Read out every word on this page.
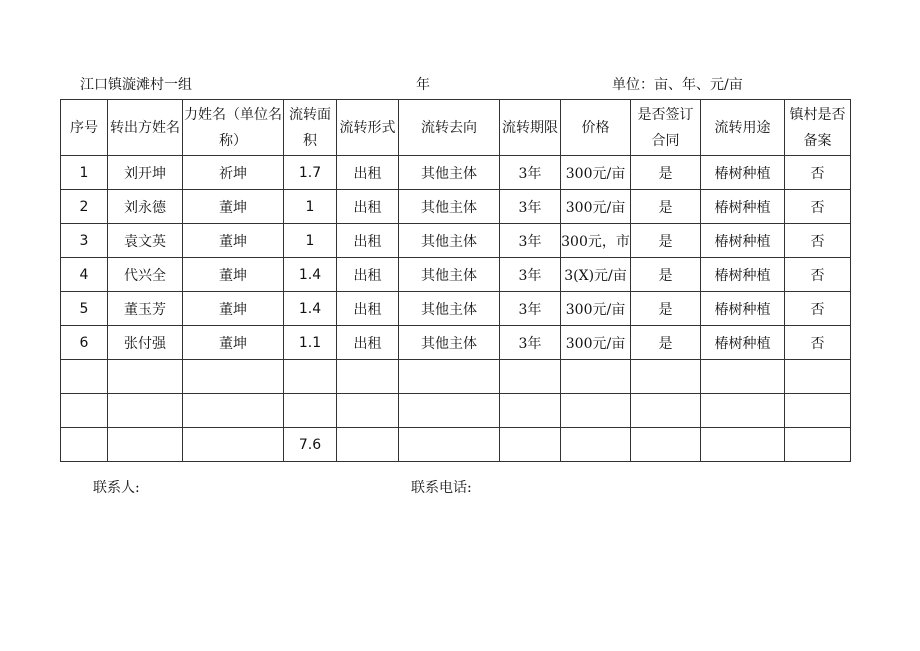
江口镇漩滩村一组	年	单位：亩、年、元/亩
序号	转出方姓名	力姓名（单位名称）	流转面积	流转形式	流转去向	流转期限	价格	是否签订合同	流转用途	镇村是否备案
1	刘开坤	祈坤	1.7	出租	其他主体	3年	300元/亩	是	椿树种植	否
2	刘永德	董坤	1	出租	其他主体	3年	300元/亩	是	椿树种植	否
3	袁文英	董坤	1	出租	其他主体	3年	300元，市	是	椿树种植	否
4	代兴全	董坤	1.4	出租	其他主体	3年	3(X)元/亩	是	椿树种植	否
5	董玉芳	董坤	1.4	出租	其他主体	3年	300元/亩	是	椿树种植	否
6	张付强	董坤	1.1	出租	其他主体	3年	300元/亩	是	椿树种植	否

			7.6							
联系人:	联系电话:
